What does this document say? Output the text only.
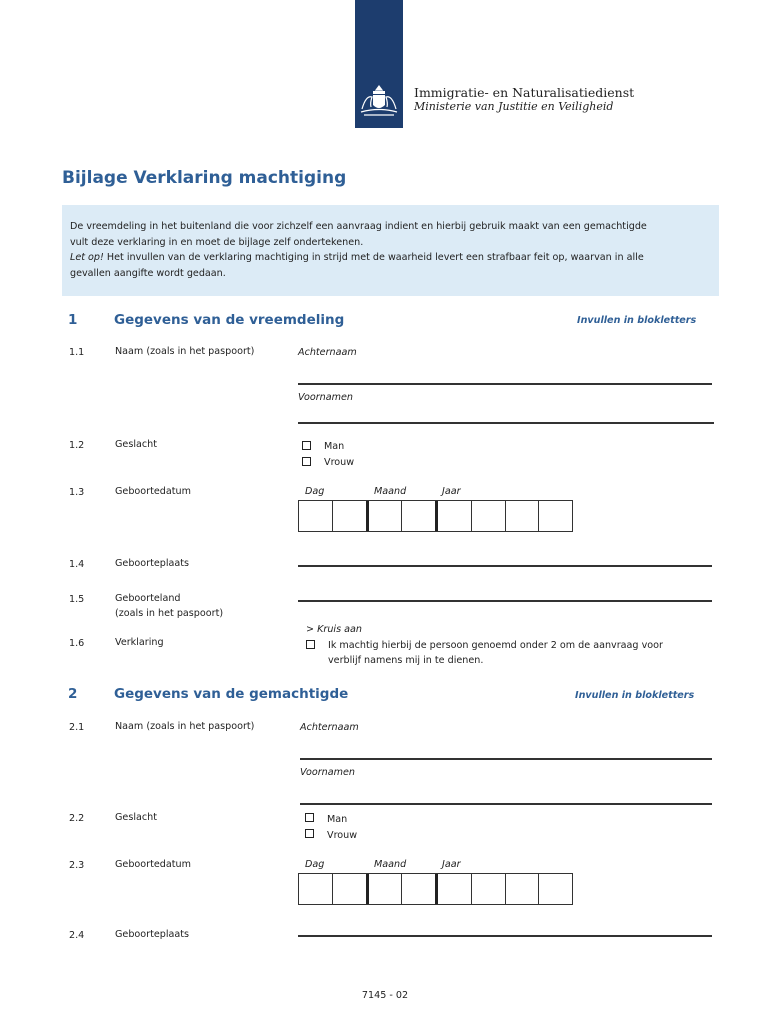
Immigratie- en Naturalisatiedienst
Ministerie van Justitie en Veiligheid
Bijlage Verklaring machtiging
De vreemdeling in het buitenland die voor zichzelf een aanvraag indient en hierbij gebruik maakt van een gemachtigde
vult deze verklaring in en moet de bijlage zelf ondertekenen.
Let op! Het invullen van de verklaring machtiging in strijd met de waarheid levert een strafbaar feit op, waarvan in alle
gevallen aangifte wordt gedaan.
1	Gegevens van de vreemdeling	Invullen in blokletters
1.1	Naam (zoals in het paspoort)	Achternaam
Voornamen
1.2	Geslacht	Man
Vrouw
1.3	Geboortedatum	Dag	Maand	Jaar
1.4	Geboorteplaats
1.5	Geboorteland
(zoals in het paspoort)
> Kruis aan
1.6	Verklaring	Ik machtig hierbij de persoon genoemd onder 2 om de aanvraag voor
verblijf namens mij in te dienen.
2	Gegevens van de gemachtigde	Invullen in blokletters
2.1	Naam (zoals in het paspoort)	Achternaam
Voornamen
2.2	Geslacht	Man
Vrouw
2.3	Geboortedatum	Dag	Maand	Jaar
2.4	Geboorteplaats
7145 - 02
